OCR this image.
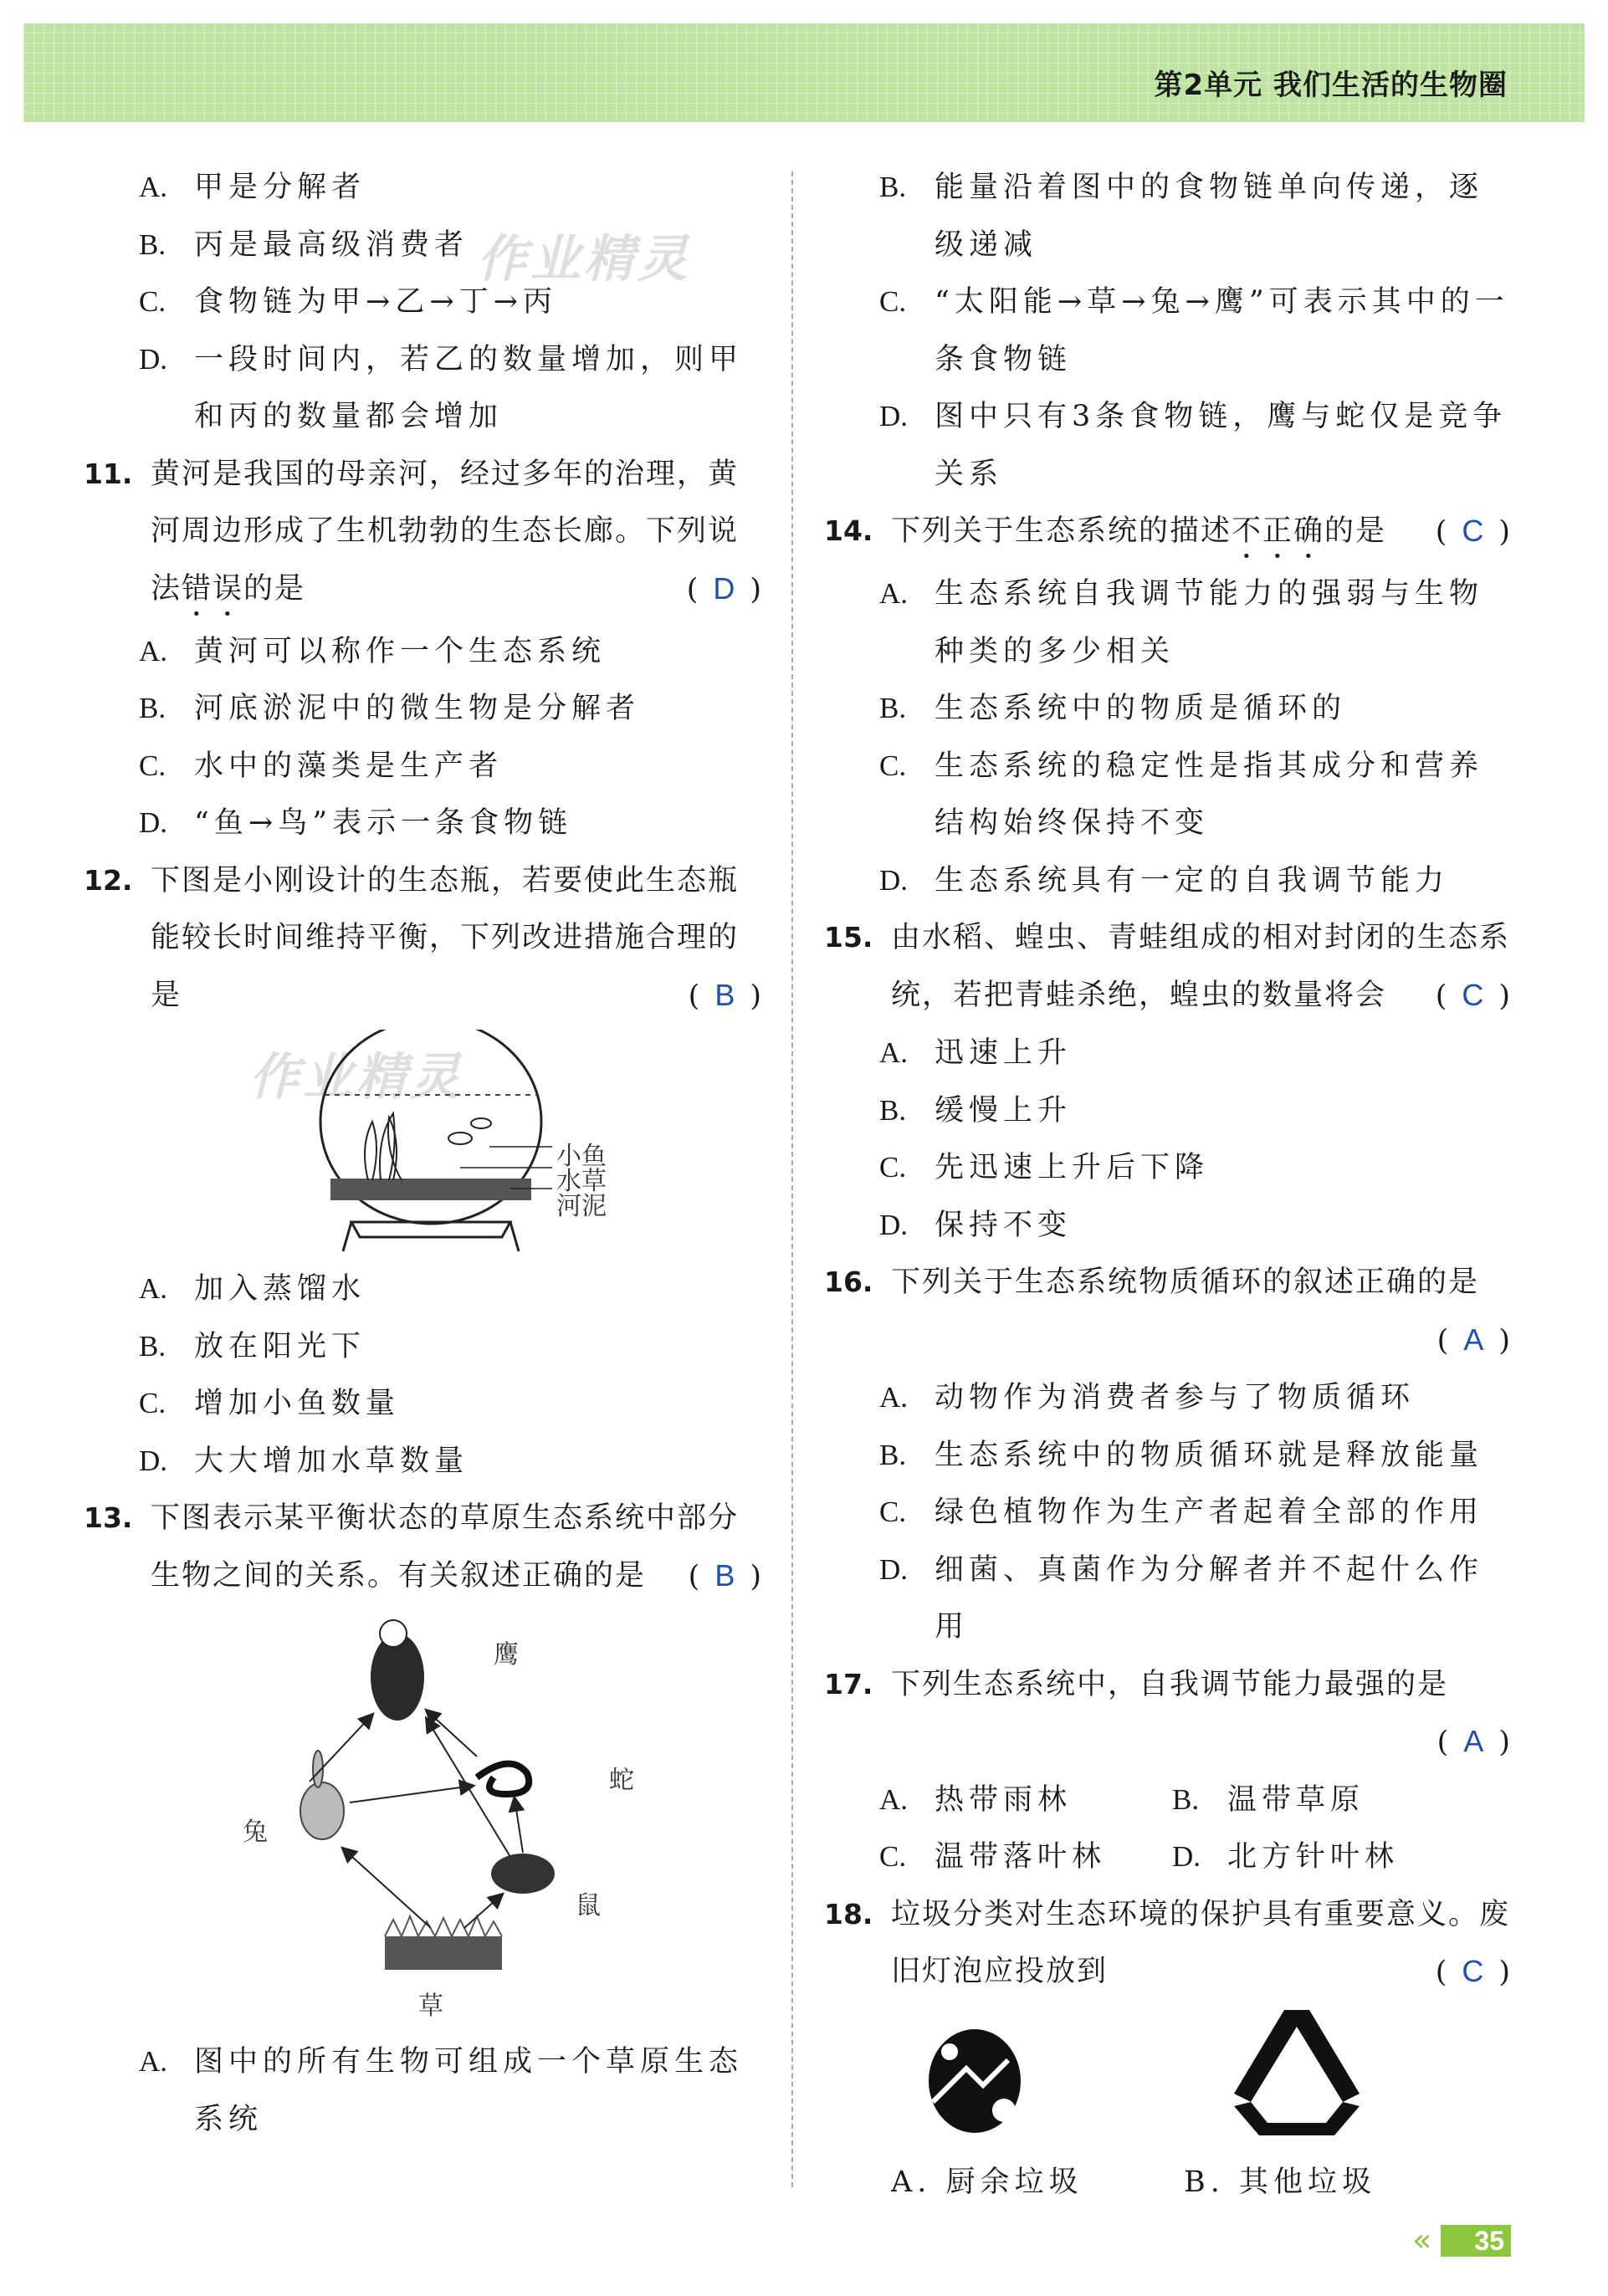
第2单元 我们生活的生物圈
作业精灵
作业精灵
A. 甲是分解者
B. 丙是最高级消费者
C. 食物链为甲→乙→丁→丙
D. 一段时间内，若乙的数量增加，则甲和丙的数量都会增加
11. 黄河是我国的母亲河，经过多年的治理，黄河周边形成了生机勃勃的生态长廊。下列说法错误的是	( D )
A. 黄河可以称作一个生态系统
B. 河底淤泥中的微生物是分解者
C. 水中的藻类是生产者
D. “鱼→鸟”表示一条食物链
12. 下图是小刚设计的生态瓶，若要使此生态瓶能较长时间维持平衡，下列改进措施合理的是	( B )
小鱼
水草
河泥
A. 加入蒸馏水
B. 放在阳光下
C. 增加小鱼数量
D. 大大增加水草数量
13. 下图表示某平衡状态的草原生态系统中部分生物之间的关系。有关叙述正确的是 ( B )
鹰
蛇
兔
鼠
草
A. 图中的所有生物可组成一个草原生态系统
B. 能量沿着图中的食物链单向传递，逐级递减
C. “太阳能→草→兔→鹰”可表示其中的一条食物链
D. 图中只有3条食物链，鹰与蛇仅是竞争关系
14.	( C )
下列关于生态系统的描述不正确的是
A. 生态系统自我调节能力的强弱与生物种类的多少相关
B. 生态系统中的物质是循环的
C. 生态系统的稳定性是指其成分和营养结构始终保持不变
D. 生态系统具有一定的自我调节能力
15. 由水稻、蝗虫、青蛙组成的相对封闭的生态系统，若把青蛙杀绝，蝗虫的数量将会 ( C )
A. 迅速上升
B. 缓慢上升
C. 先迅速上升后下降
D. 保持不变
16. 下列关于生态系统物质循环的叙述正确的是
( A )
A. 动物作为消费者参与了物质循环
B. 生态系统中的物质循环就是释放能量
C. 绿色植物作为生产者起着全部的作用
D. 细菌、真菌作为分解者并不起什么作用
17. 下列生态系统中，自我调节能力最强的是
( A )
A. 热带雨林	B. 温带草原
C. 温带落叶林 D. 北方针叶林
18. 垃圾分类对生态环境的保护具有重要意义。废旧灯泡应投放到	( C )
A. 厨余垃圾	B. 其他垃圾
«	35
